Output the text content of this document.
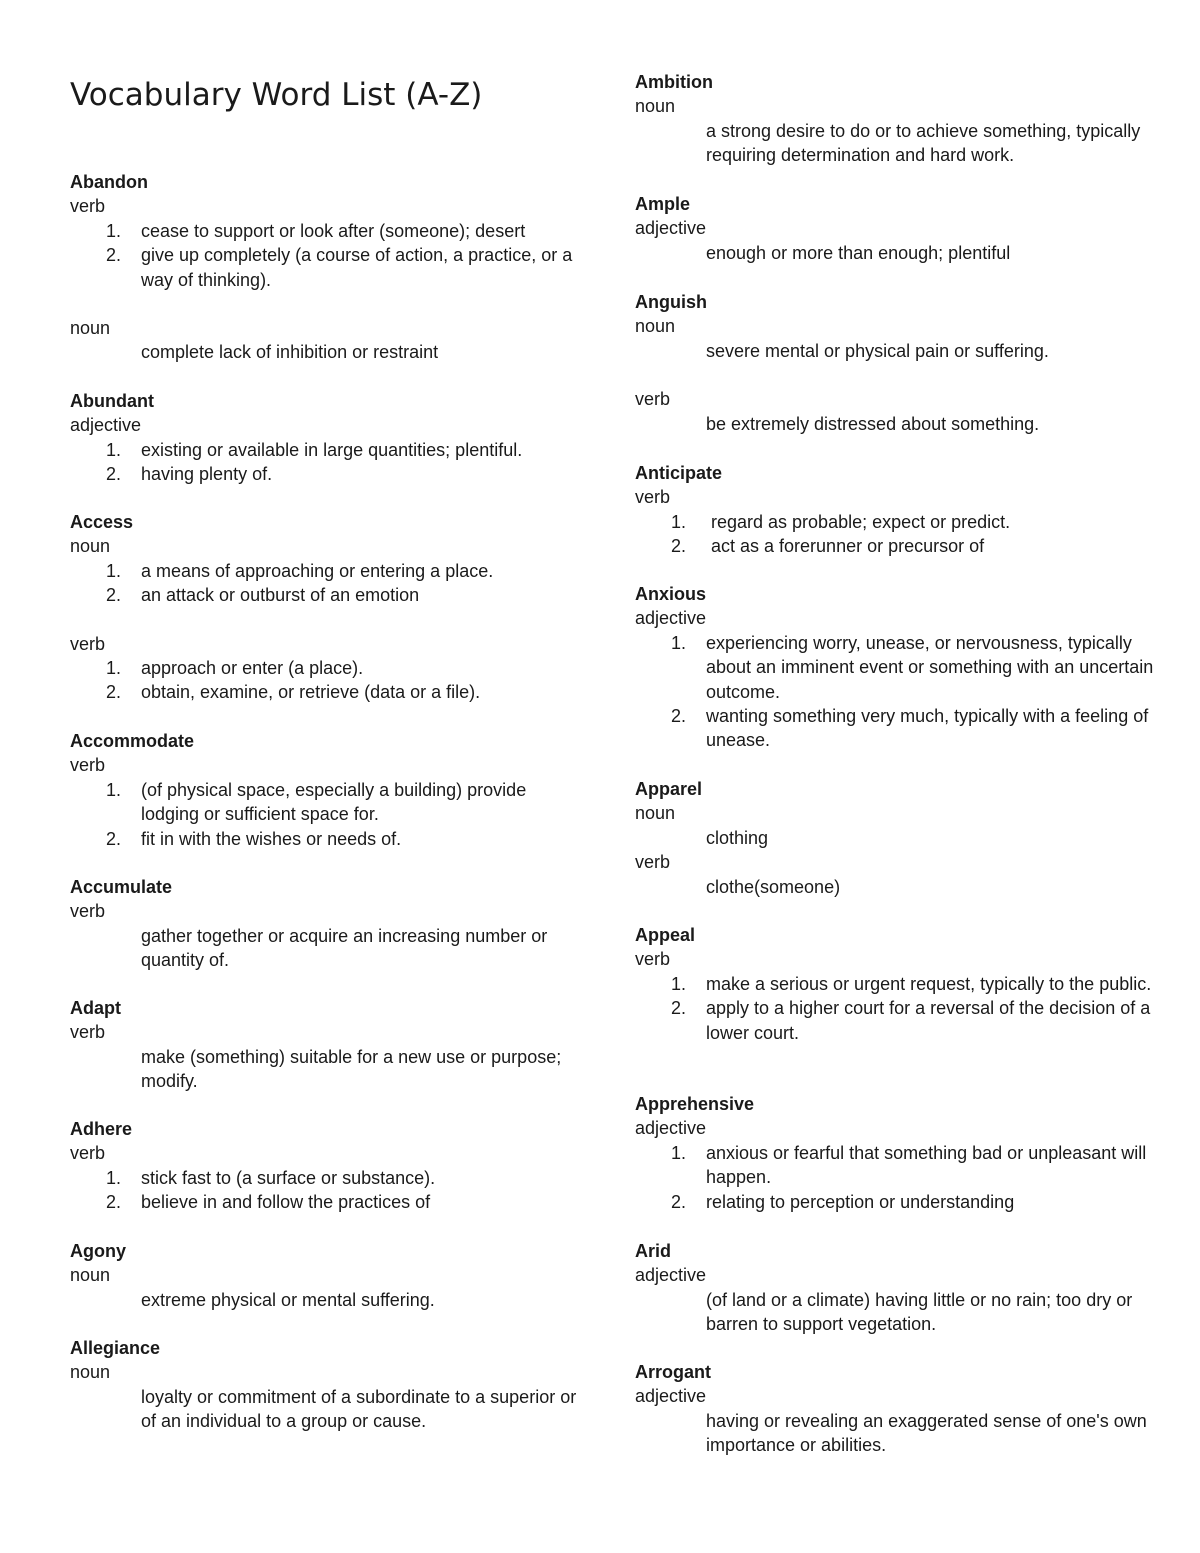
Vocabulary Word List (A-Z)
Abandon
verb
1.	cease to support or look after (someone); desert
2.	give up completely (a course of action, a practice, or a way of thinking).
noun
complete lack of inhibition or restraint
Abundant
adjective
1.	existing or available in large quantities; plentiful.
2.	having plenty of.
Access
noun
1.	a means of approaching or entering a place.
2.	an attack or outburst of an emotion
verb
1.	approach or enter (a place).
2.	obtain, examine, or retrieve (data or a file).
Accommodate
verb
1.	(of physical space, especially a building) provide lodging or sufficient space for.
2.	fit in with the wishes or needs of.
Accumulate
verb
gather together or acquire an increasing number or quantity of.
Adapt
verb
make (something) suitable for a new use or purpose; modify.
Adhere
verb
1.	stick fast to (a surface or substance).
2.	believe in and follow the practices of
Agony
noun
extreme physical or mental suffering.
Allegiance
noun
loyalty or commitment of a subordinate to a superior or of an individual to a group or cause.
Ambition
noun
a strong desire to do or to achieve something, typically requiring determination and hard work.
Ample
adjective
enough or more than enough; plentiful
Anguish
noun
severe mental or physical pain or suffering.
verb
be extremely distressed about something.
Anticipate
verb
1.	regard as probable; expect or predict.
2.	act as a forerunner or precursor of
Anxious
adjective
1.	experiencing worry, unease, or nervousness, typically about an imminent event or something with an uncertain outcome.
2.	wanting something very much, typically with a feeling of unease.
Apparel
noun
clothing
verb
clothe(someone)
Appeal
verb
1.	make a serious or urgent request, typically to the public.
2.	apply to a higher court for a reversal of the decision of a lower court.
Apprehensive
adjective
1.	anxious or fearful that something bad or unpleasant will happen.
2.	relating to perception or understanding
Arid
adjective
(of land or a climate) having little or no rain; too dry or barren to support vegetation.
Arrogant
adjective
having or revealing an exaggerated sense of one's own importance or abilities.
